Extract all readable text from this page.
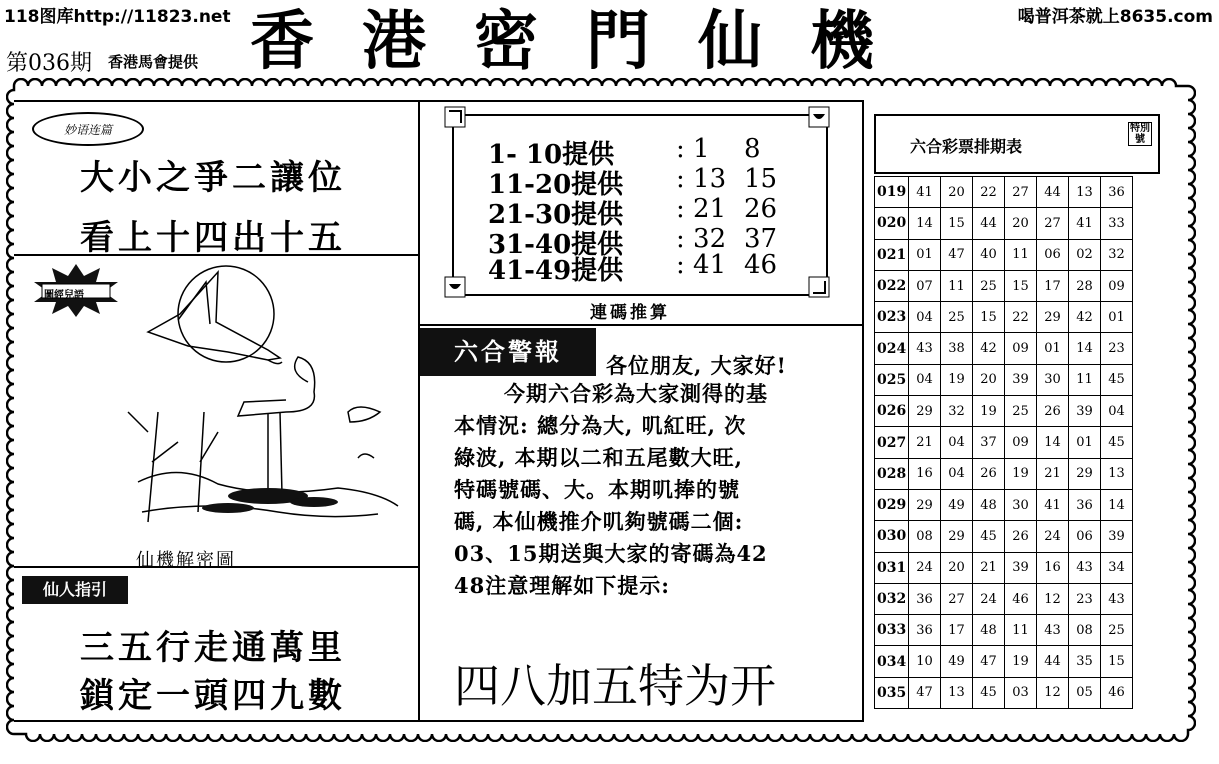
118图库http://11823.net	喝普洱茶就上8635.com
第036期 香港馬會提供 香港密門仙機
妙语连篇
大小之爭二讓位
看上十四出十五
圖經兒語
仙機解密圖
仙人指引
三五行走通萬里
鎖定一頭四九數
1- 10提供 : 1 8
11-20提供 : 13 15
21-30提供 : 21 26
31-40提供 : 32 37
41-49提供 : 41 46
連碼推算
六合警報	各位朋友, 大家好!
今期六合彩為大家測得的基
本情況: 總分為大, 叽紅旺, 次
綠波, 本期以二和五尾數大旺,
特碼號碼、大。本期叽捧的號
碼, 本仙機推介叽夠號碼二個:
03、15期送與大家的寄碼為42
48注意理解如下提示:
四八加五特为开
六合彩票排期表
特別號
019	41	20	22	27	44	13	36
020	14	15	44	20	27	41	33
021	01	47	40	11	06	02	32
022	07	11	25	15	17	28	09
023	04	25	15	22	29	42	01
024	43	38	42	09	01	14	23
025	04	19	20	39	30	11	45
026	29	32	19	25	26	39	04
027	21	04	37	09	14	01	45
028	16	04	26	19	21	29	13
029	29	49	48	30	41	36	14
030	08	29	45	26	24	06	39
031	24	20	21	39	16	43	34
032	36	27	24	46	12	23	43
033	36	17	48	11	43	08	25
034	10	49	47	19	44	35	15
035	47	13	45	03	12	05	46
